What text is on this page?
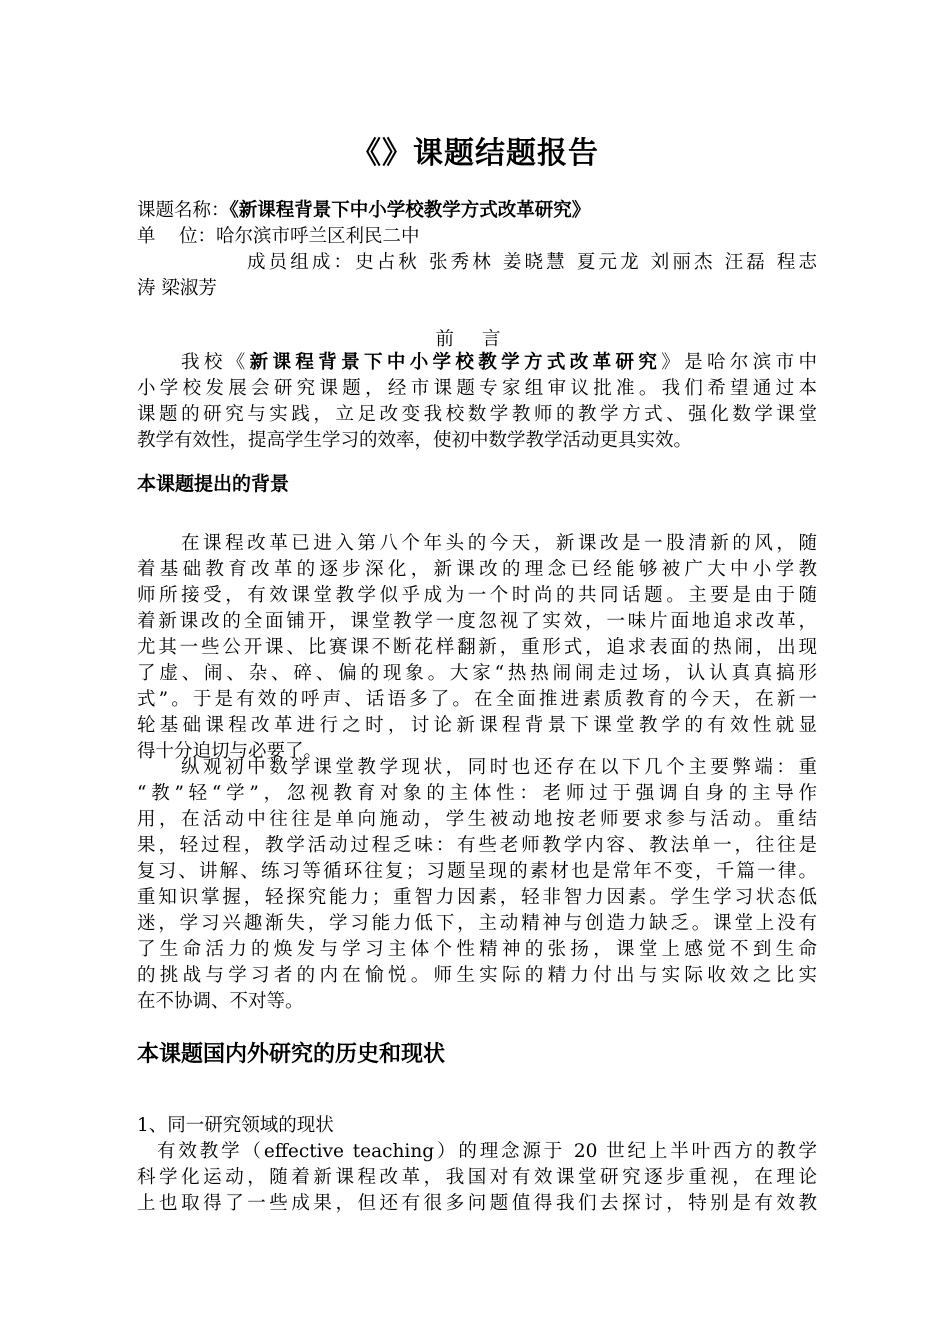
《》课题结题报告
课题名称：《新课程背景下中小学校教学方式改革研究》
单    位：哈尔滨市呼兰区利民二中
成员组成：史占秋 张秀林 姜晓慧 夏元龙 刘丽杰 汪磊 程志
涛 梁淑芳
前言
我校《新课程背景下中小学校教学方式改革研究》是哈尔滨市中
小学校发展会研究课题，经市课题专家组审议批准。我们希望通过本
课题的研究与实践，立足改变我校数学教师的教学方式、强化数学课堂
教学有效性，提高学生学习的效率，使初中数学教学活动更具实效。
本课题提出的背景
在课程改革已进入第八个年头的今天，新课改是一股清新的风，随
着基础教育改革的逐步深化，新课改的理念已经能够被广大中小学教
师所接受，有效课堂教学似乎成为一个时尚的共同话题。主要是由于随
着新课改的全面铺开，课堂教学一度忽视了实效，一味片面地追求改革，
尤其一些公开课、比赛课不断花样翻新，重形式，追求表面的热闹，出现
了虚、闹、杂、碎、偏的现象。大家“热热闹闹走过场，认认真真搞形
式”。于是有效的呼声、话语多了。在全面推进素质教育的今天，在新一
轮基础课程改革进行之时，讨论新课程背景下课堂教学的有效性就显
得十分迫切与必要了。
纵观初中数学课堂教学现状，同时也还存在以下几个主要弊端：重
“教”轻“学”，忽视教育对象的主体性：老师过于强调自身的主导作
用，在活动中往往是单向施动，学生被动地按老师要求参与活动。重结
果，轻过程，教学活动过程乏味：有些老师教学内容、教法单一，往往是
复习、讲解、练习等循环往复；习题呈现的素材也是常年不变，千篇一律。
重知识掌握，轻探究能力；重智力因素，轻非智力因素。学生学习状态低
迷，学习兴趣渐失，学习能力低下，主动精神与创造力缺乏。课堂上没有
了生命活力的焕发与学习主体个性精神的张扬，课堂上感觉不到生命
的挑战与学习者的内在愉悦。师生实际的精力付出与实际收效之比实
在不协调、不对等。
本课题国内外研究的历史和现状
1、同一研究领域的现状
有效教学（effective teaching）的理念源于 20 世纪上半叶西方的教学
科学化运动，随着新课程改革，我国对有效课堂研究逐步重视，在理论
上也取得了一些成果，但还有很多问题值得我们去探讨，特别是有效教
